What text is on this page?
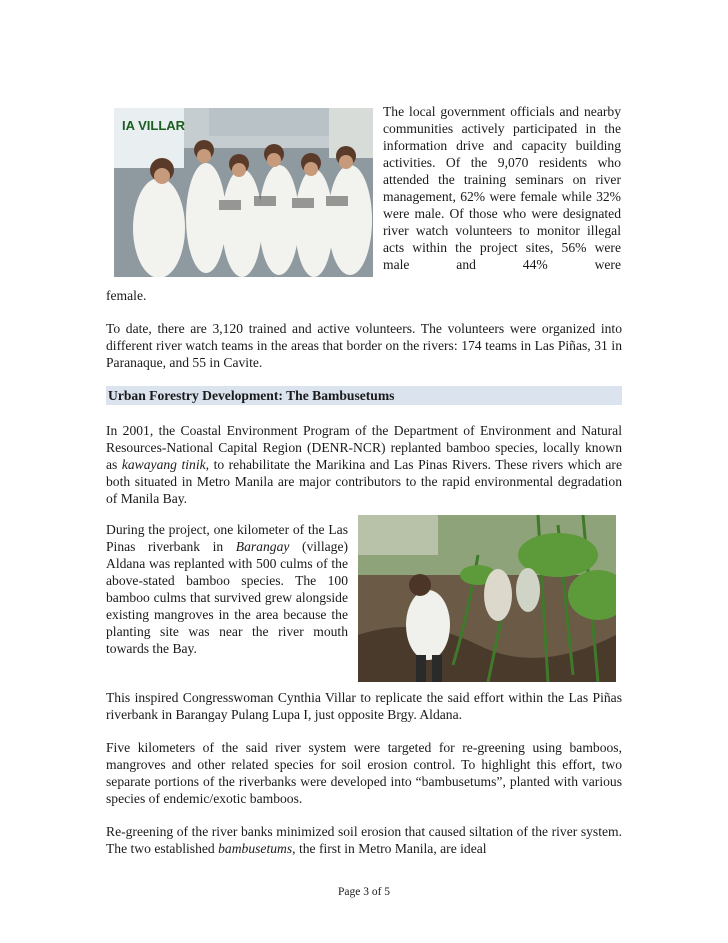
IA VILLAR

The local government officials and nearby communities actively participated in the information drive and capacity building activities. Of the 9,070 residents who attended the training seminars on river management, 62% were female while 32% were male. Of those who were designated river watch volunteers to monitor illegal acts within the project sites, 56% were male and 44% were

female.

To date, there are 3,120 trained and active volunteers. The volunteers were organized into different river watch teams in the areas that border on the rivers: 174 teams in Las Piñas, 31 in Paranaque, and 55 in Cavite.

Urban Forestry Development: The Bambusetums

In 2001, the Coastal Environment Program of the Department of Environment and Natural Resources-National Capital Region (DENR-NCR) replanted bamboo species, locally known as kawayang tinik, to rehabilitate the Marikina and Las Pinas Rivers. These rivers which are both situated in Metro Manila are major contributors to the rapid environmental degradation of Manila Bay.

During the project, one kilometer of the Las Pinas riverbank in Barangay (village) Aldana was replanted with 500 culms of the above-stated bamboo species. The 100 bamboo culms that survived grew alongside existing mangroves in the area because the planting site was near the river mouth towards the Bay.

This inspired Congresswoman Cynthia Villar to replicate the said effort within the Las Piñas riverbank in Barangay Pulang Lupa I, just opposite Brgy. Aldana.

Five kilometers of the said river system were targeted for re-greening using bamboos, mangroves and other related species for soil erosion control. To highlight this effort, two separate portions of the riverbanks were developed into “bambusetums”, planted with various species of endemic/exotic bamboos.

Re-greening of the river banks minimized soil erosion that caused siltation of the river system. The two established bambusetums, the first in Metro Manila, are ideal

Page 3 of 5
